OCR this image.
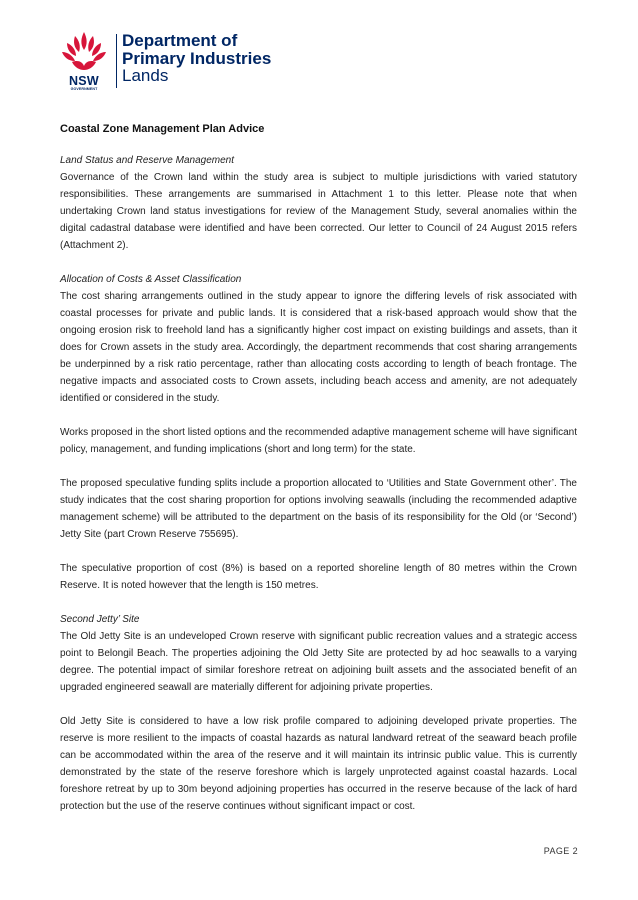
NSW
GOVERNMENT
Department of
Primary Industries
Lands

Coastal Zone Management Plan Advice

Land Status and Reserve Management

Governance of the Crown land within the study area is subject to multiple jurisdictions with varied statutory responsibilities. These arrangements are summarised in Attachment 1 to this letter. Please note that when undertaking Crown land status investigations for review of the Management Study, several anomalies within the digital cadastral database were identified and have been corrected. Our letter to Council of 24 August 2015 refers (Attachment 2).

Allocation of Costs & Asset Classification

The cost sharing arrangements outlined in the study appear to ignore the differing levels of risk associated with coastal processes for private and public lands. It is considered that a risk-based approach would show that the ongoing erosion risk to freehold land has a significantly higher cost impact on existing buildings and assets, than it does for Crown assets in the study area. Accordingly, the department recommends that cost sharing arrangements be underpinned by a risk ratio percentage, rather than allocating costs according to length of beach frontage. The negative impacts and associated costs to Crown assets, including beach access and amenity, are not adequately identified or considered in the study.

Works proposed in the short listed options and the recommended adaptive management scheme will have significant policy, management, and funding implications (short and long term) for the state.

The proposed speculative funding splits include a proportion allocated to ‘Utilities and State Government other’. The study indicates that the cost sharing proportion for options involving seawalls (including the recommended adaptive management scheme) will be attributed to the department on the basis of its responsibility for the Old (or ‘Second’) Jetty Site (part Crown Reserve 755695).

The speculative proportion of cost (8%) is based on a reported shoreline length of 80 metres within the Crown Reserve. It is noted however that the length is 150 metres.

Second Jetty’ Site

The Old Jetty Site is an undeveloped Crown reserve with significant public recreation values and a strategic access point to Belongil Beach. The properties adjoining the Old Jetty Site are protected by ad hoc seawalls to a varying degree. The potential impact of similar foreshore retreat on adjoining built assets and the associated benefit of an upgraded engineered seawall are materially different for adjoining private properties.

Old Jetty Site is considered to have a low risk profile compared to adjoining developed private properties. The reserve is more resilient to the impacts of coastal hazards as natural landward retreat of the seaward beach profile can be accommodated within the area of the reserve and it will maintain its intrinsic public value. This is currently demonstrated by the state of the reserve foreshore which is largely unprotected against coastal hazards. Local foreshore retreat by up to 30m beyond adjoining properties has occurred in the reserve because of the lack of hard protection but the use of the reserve continues without significant impact or cost.

PAGE 2
